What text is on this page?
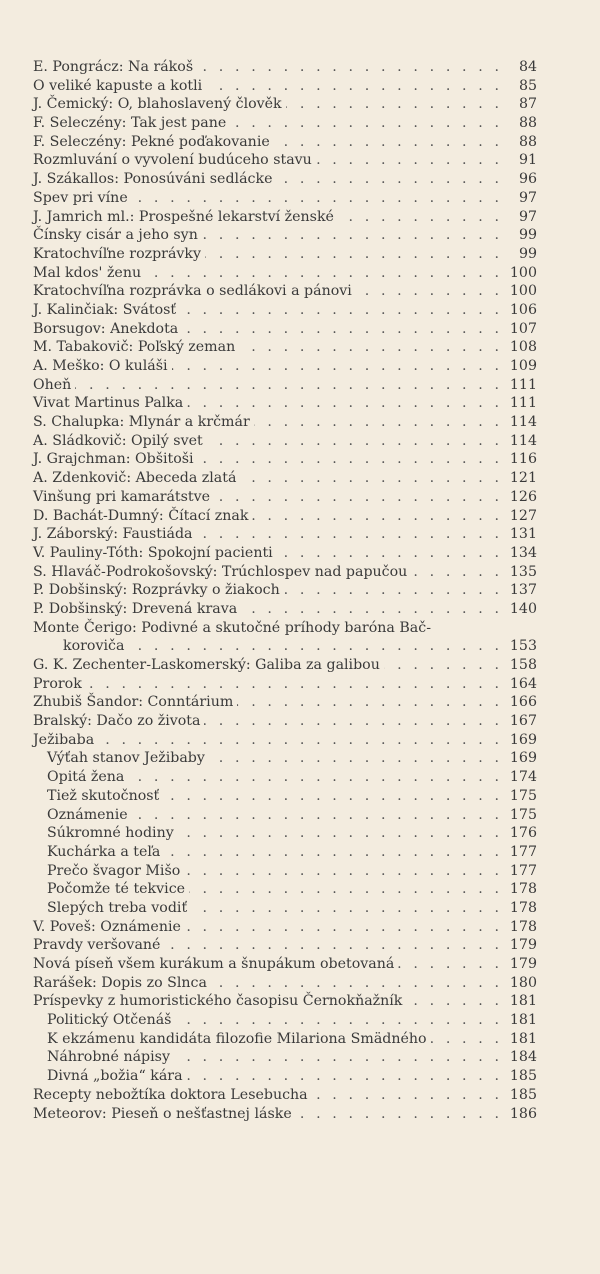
E. Pongrácz: Na rákoš . . .	84
O veliké kapuste a kotli . . .	85
J. Čemický: O, blahoslavený člověk . . .	87
F. Seleczény: Tak jest pane . . .	88
F. Seleczény: Pekné poďakovanie . . .	88
Rozmluvání o vyvolení budúceho stavu . . .	91
J. Szákallos: Ponosúváni sedlácke . . .	96
Spev pri víne . . .	97
J. Jamrich ml.: Prospešné lekarství ženské . . .	97
Čínsky cisár a jeho syn . . .	99
Kratochvíľne rozprávky . . .	99
Mal kdos' ženu . . .	100
Kratochvíľna rozprávka o sedlákovi a pánovi . . .	100
J. Kalinčiak: Svátosť . . .	106
Borsugov: Anekdota . . .	107
M. Tabakovič: Poľský zeman . . .	108
A. Meško: O kuláši . . .	109
Oheň . . .	111
Vivat Martinus Palka . . .	111
S. Chalupka: Mlynár a krčmár . . .	114
A. Sládkovič: Opilý svet . . .	114
J. Grajchman: Obšitoši . . .	116
A. Zdenkovič: Abeceda zlatá . . .	121
Vinšung pri kamarátstve . . .	126
D. Bachát-Dumný: Čítací znak . . .	127
J. Záborský: Faustiáda . . .	131
V. Pauliny-Tóth: Spokojní pacienti . . .	134
S. Hlaváč-Podrokošovský: Trúchlospev nad papučou . . .	135
P. Dobšinský: Rozprávky o žiakoch . . .	137
P. Dobšinský: Drevená krava . . .	140
Monte Čerigo: Podivné a skutočné príhody baróna Bač-
koroviča . . .	153
G. K. Zechenter-Laskomerský: Galiba za galibou . . .	158
Prorok . . .	164
Zhubiš Šandor: Conntárium . . .	166
Bralský: Dačo zo života . . .	167
Ježibaba . . .	169
Výťah stanov Ježibaby . . .	169
Opitá žena . . .	174
Tiež skutočnosť . . .	175
Oznámenie . . .	175
Súkromné hodiny . . .	176
Kuchárka a teľa . . .	177
Prečo švagor Mišo . . .	177
Počomže té tekvice . . .	178
Slepých treba vodiť . . .	178
V. Poveš: Oznámenie . . .	178
Pravdy veršované . . .	179
Nová píseň všem kurákum a šnupákum obetovaná . . .	179
Rarášek: Dopis zo Slnca . . .	180
Príspevky z humoristického časopisu Černokňažník . . .	181
Politický Otčenáš . . .	181
K ekzámenu kandidáta filozofie Milariona Smädného . . .	181
Náhrobné nápisy . . .	184
Divná „božia“ kára . . .	185
Recepty nebožtíka doktora Lesebucha . . .	185
Meteorov: Pieseň o nešťastnej láske . . .	186
